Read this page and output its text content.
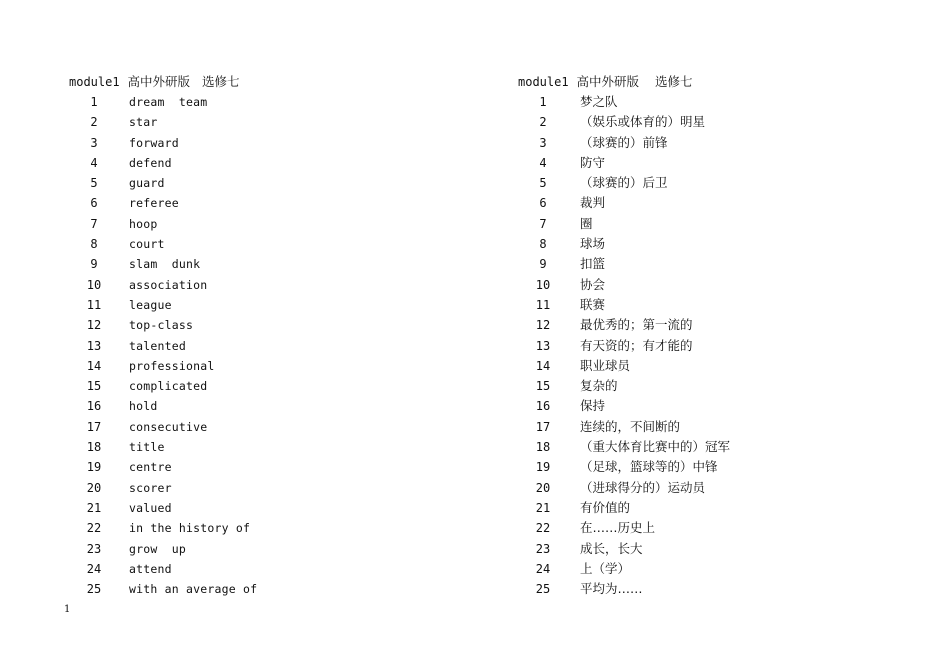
module1 高中外研版 选修七
1	dream  team
2	star
3	forward
4	defend
5	guard
6	referee
7	hoop
8	court
9	slam  dunk
10	association
11	league
12	top-class
13	talented
14	professional
15	complicated
16	hold
17	consecutive
18	title
19	centre
20	scorer
21	valued
22	in the history of
23	grow  up
24	attend
25	with an average of
module1 高中外研版 选修七
1	梦之队
2	（娱乐或体育的）明星
3	（球赛的）前锋
4	防守
5	（球赛的）后卫
6	裁判
7	圈
8	球场
9	扣篮
10	协会
11	联赛
12	最优秀的；第一流的
13	有天资的；有才能的
14	职业球员
15	复杂的
16	保持
17	连续的，不间断的
18	（重大体育比赛中的）冠军
19	（足球，篮球等的）中锋
20	（进球得分的）运动员
21	有价值的
22	在……历史上
23	成长，长大
24	上（学）
25	平均为……
1
